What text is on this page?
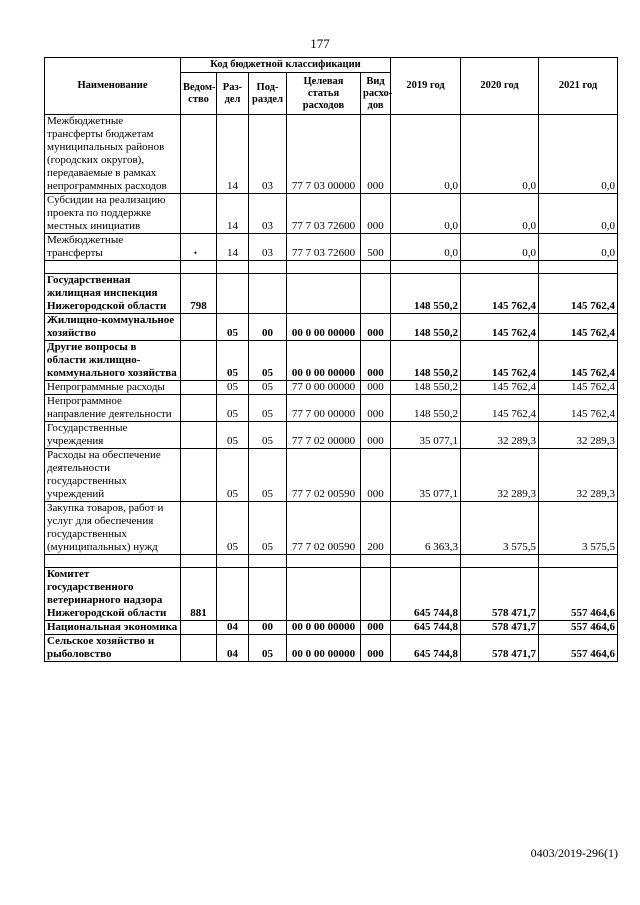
177
Наименование	Код бюджетной классификации					2019 год	2020 год	2021 год
	Ведом-ство	Раз-дел	Под-раздел	Целевая статья расходов	Вид расхо-дов			

Межбюджетные трансферты бюджетам муниципальных районов (городских округов), передаваемые в рамках непрограммных расходов		14	03	77 7 03 00000	000	0,0	0,0	0,0

Субсидии на реализацию проекта по поддержке местных инициатив		14	03	77 7 03 72600	000	0,0	0,0	0,0

Межбюджетные трансферты	•	14	03	77 7 03 72600	500	0,0	0,0	0,0

Государственная жилищная инспекция Нижегородской области	798					148 550,2	145 762,4	145 762,4

Жилищно-коммунальное хозяйство		05	00	00 0 00 00000	000	148 550,2	145 762,4	145 762,4

Другие вопросы в области жилищно-коммунального хозяйства		05	05	00 0 00 00000	000	148 550,2	145 762,4	145 762,4

Непрограммные расходы		05	05	77 0 00 00000	000	148 550,2	145 762,4	145 762,4

Непрограммное направление деятельности		05	05	77 7 00 00000	000	148 550,2	145 762,4	145 762,4

Государственные учреждения		05	05	77 7 02 00000	000	35 077,1	32 289,3	32 289,3

Расходы на обеспечение деятельности государственных учреждений		05	05	77 7 02 00590	000	35 077,1	32 289,3	32 289,3

Закупка товаров, работ и услуг для обеспечения государственных (муниципальных) нужд		05	05	77 7 02 00590	200	6 363,3	3 575,5	3 575,5

Комитет государственного ветеринарного надзора Нижегородской области	881					645 744,8	578 471,7	557 464,6

Национальная экономика		04	00	00 0 00 00000	000	645 744,8	578 471,7	557 464,6

Сельское хозяйство и рыболовство		04	05	00 0 00 00000	000	645 744,8	578 471,7	557 464,6
0403/2019-296(1)
